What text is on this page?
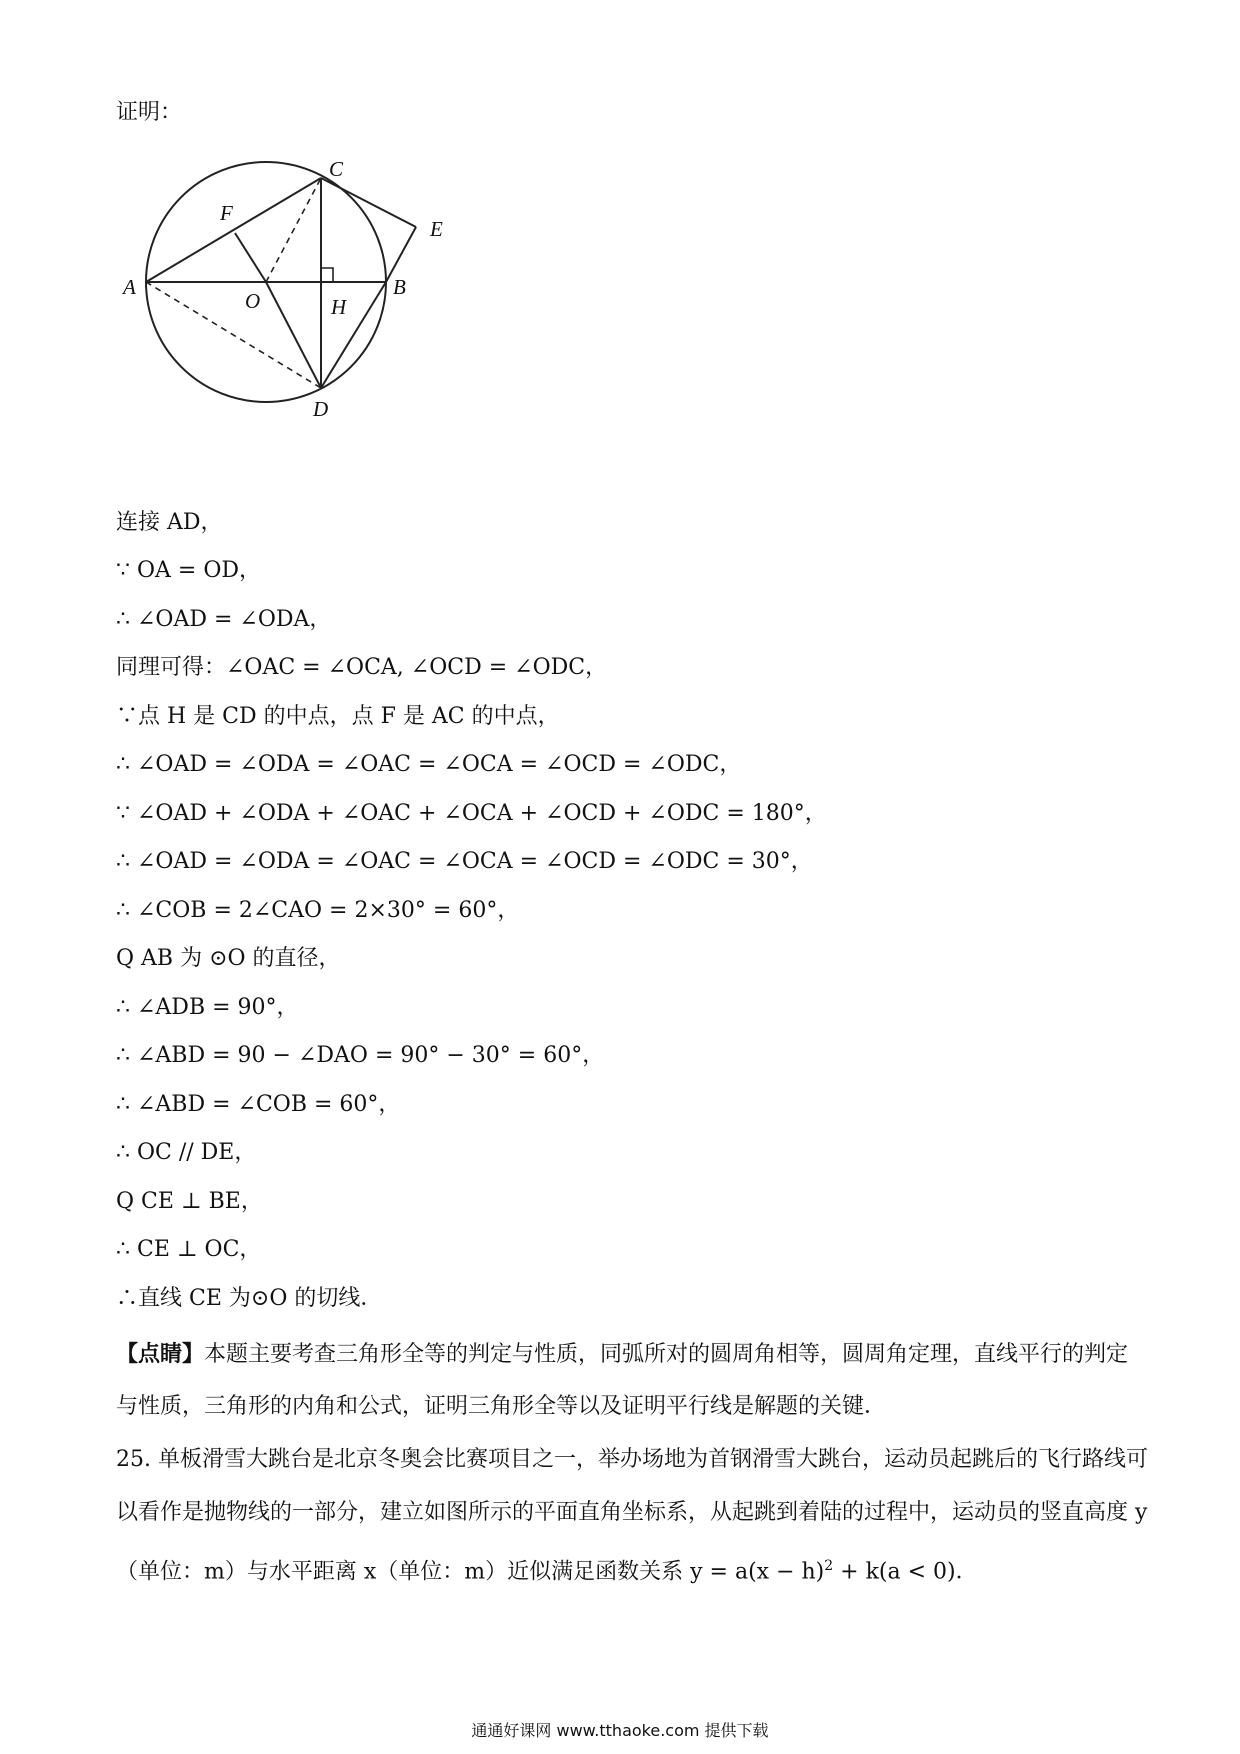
证明：
C
E
F
A
O
B
H
D
连接 AD，
∵ OA = OD，
∴ ∠OAD = ∠ODA，
同理可得：∠OAC = ∠OCA, ∠OCD = ∠ODC，
∵点 H 是 CD 的中点，点 F 是 AC 的中点，
∴ ∠OAD = ∠ODA = ∠OAC = ∠OCA = ∠OCD = ∠ODC，
∵ ∠OAD + ∠ODA + ∠OAC + ∠OCA + ∠OCD + ∠ODC = 180°，
∴ ∠OAD = ∠ODA = ∠OAC = ∠OCA = ∠OCD = ∠ODC = 30°，
∴ ∠COB = 2∠CAO = 2×30° = 60°，
Q AB 为 ⊙O 的直径，
∴ ∠ADB = 90°，
∴ ∠ABD = 90 − ∠DAO = 90° − 30° = 60°，
∴ ∠ABD = ∠COB = 60°，
∴ OC // DE，
Q CE ⊥ BE，
∴ CE ⊥ OC，
∴直线 CE 为⊙O 的切线．
【点睛】本题主要考查三角形全等的判定与性质，同弧所对的圆周角相等，圆周角定理，直线平行的判定
与性质，三角形的内角和公式，证明三角形全等以及证明平行线是解题的关键．
25. 单板滑雪大跳台是北京冬奥会比赛项目之一，举办场地为首钢滑雪大跳台，运动员起跳后的飞行路线可
以看作是抛物线的一部分，建立如图所示的平面直角坐标系，从起跳到着陆的过程中，运动员的竖直高度 y
（单位：m）与水平距离 x（单位：m）近似满足函数关系 $y = a(x - h)^2 + k(a < 0)$．
通通好课网 www.tthaoke.com 提供下载
